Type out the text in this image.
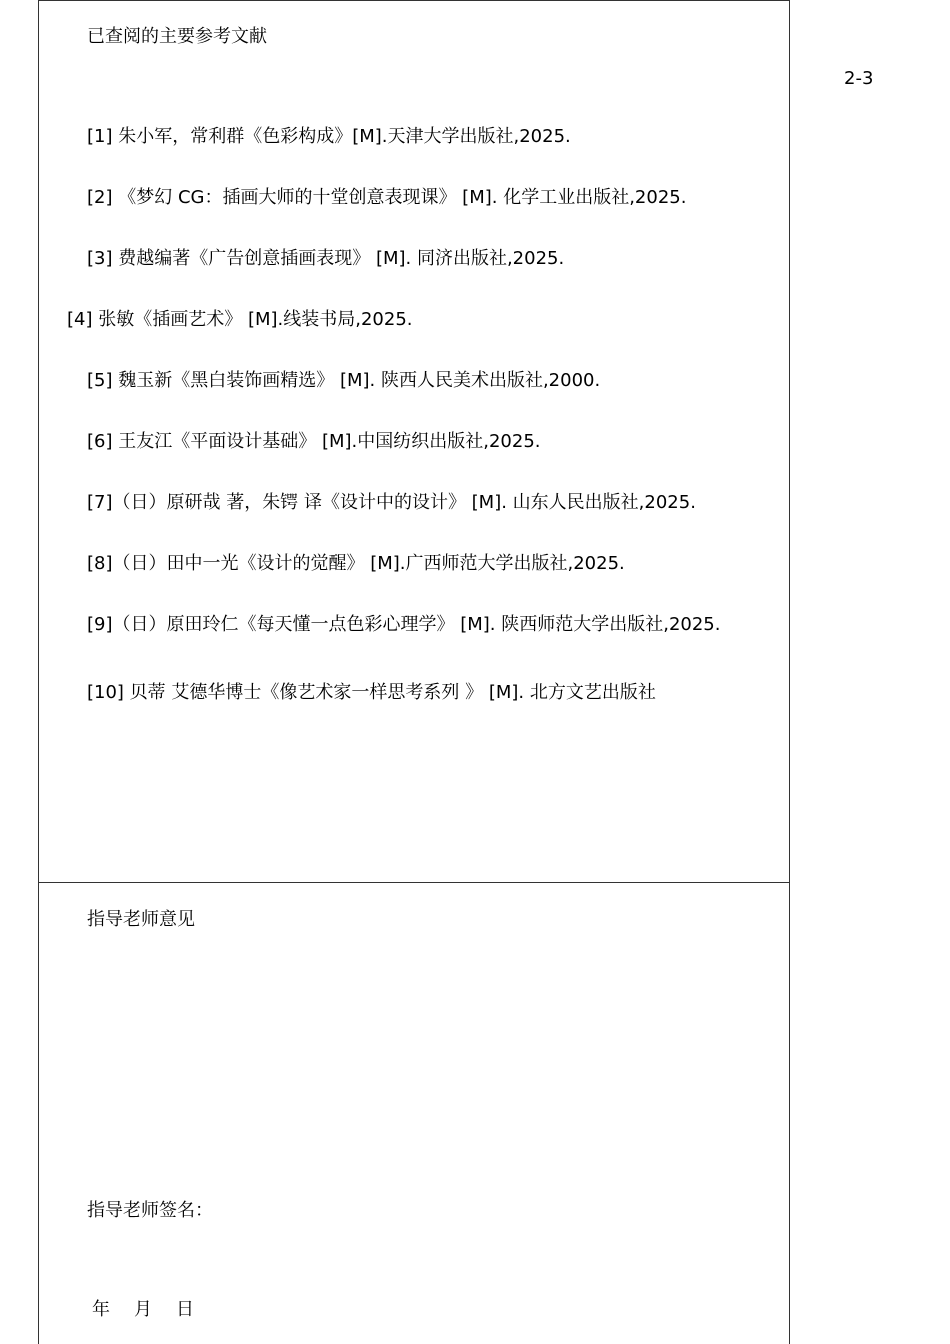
2-3
已查阅的主要参考文献
[1] 朱小军，常利群《色彩构成》[M].天津大学出版社,2025.
[2] 《梦幻 CG：插画大师的十堂创意表现课》 [M]. 化学工业出版社,2025.
[3] 费越编著《广告创意插画表现》 [M]. 同济出版社,2025.
[4] 张敏《插画艺术》 [M].线装书局,2025.
[5] 魏玉新《黑白装饰画精选》 [M]. 陕西人民美术出版社,2000.
[6] 王友江《平面设计基础》 [M].中国纺织出版社,2025.
[7]（日）原研哉 著，朱锷 译《设计中的设计》 [M]. 山东人民出版社,2025.
[8]（日）田中一光《设计的觉醒》 [M].广西师范大学出版社,2025.
[9]（日）原田玲仁《每天懂一点色彩心理学》 [M]. 陕西师范大学出版社,2025.
[10] 贝蒂 艾德华博士《像艺术家一样思考系列 》 [M]. 北方文艺出版社
指导老师意见
指导老师签名：
年	月	日
